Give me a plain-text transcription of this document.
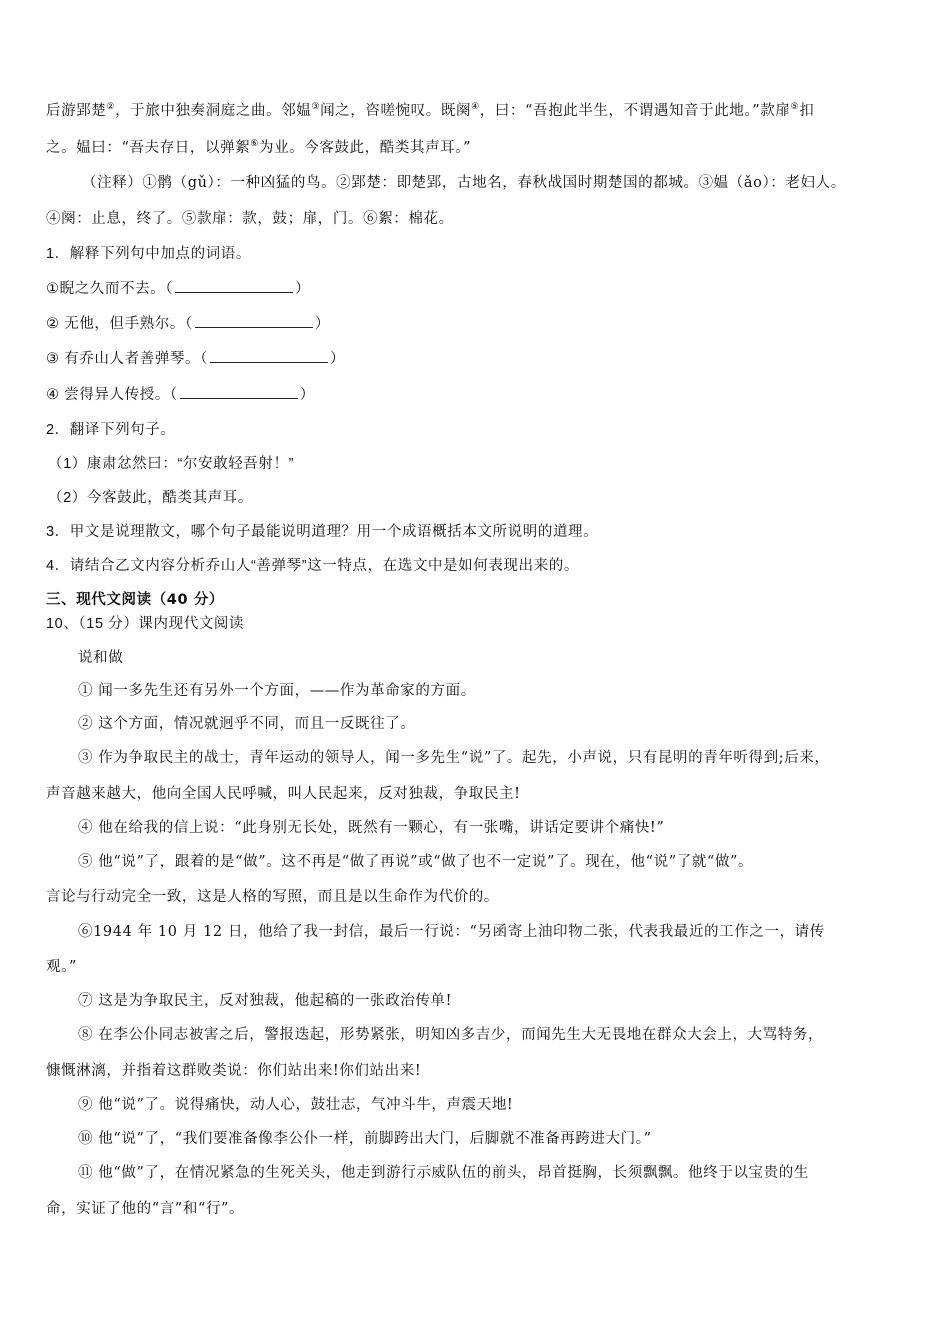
后游郢楚②，于旅中独奏洞庭之曲。邻媪③闻之，咨嗟惋叹。既阕④，曰：“吾抱此半生，不谓遇知音于此地。”款扉⑤扣
之。媪曰：“吾夫存日，以弹絮⑥为业。今客鼓此，酷类其声耳。”
（注释）①鹘（gǔ）：一种凶猛的鸟。②郢楚：即楚郢，古地名，春秋战国时期楚国的都城。③媪（ǎo）：老妇人。
④阕：止息，终了。⑤款扉：款，鼓；扉，门。⑥絮：棉花。
1．解释下列句中加点的词语。
①睨之久而不去。（	）
② 无他，但手熟尔。（	）
③ 有乔山人者善弹琴。（	）
④ 尝得异人传授。（	）
2．翻译下列句子。
（1）康肃忿然曰：“尔安敢轻吾射！”
（2）今客鼓此，酷类其声耳。
3．甲文是说理散文，哪个句子最能说明道理？用一个成语概括本文所说明的道理。
4．请结合乙文内容分析乔山人“善弹琴”这一特点，在选文中是如何表现出来的。
三、现代文阅读（40 分）
10、（15 分）课内现代文阅读
说和做
① 闻一多先生还有另外一个方面，——作为革命家的方面。
② 这个方面，情况就迥乎不同，而且一反既往了。
③ 作为争取民主的战士，青年运动的领导人，闻一多先生“说”了。起先，小声说，只有昆明的青年听得到;后来，
声音越来越大，他向全国人民呼喊，叫人民起来，反对独裁，争取民主!
④ 他在给我的信上说：“此身别无长处，既然有一颗心，有一张嘴，讲话定要讲个痛快!”
⑤ 他“说”了，跟着的是“做”。这不再是“做了再说”或“做了也不一定说”了。现在，他“说”了就“做”。
言论与行动完全一致，这是人格的写照，而且是以生命作为代价的。
⑥1944 年 10 月 12 日，他给了我一封信，最后一行说：“另函寄上油印物二张，代表我最近的工作之一，请传
观。”
⑦ 这是为争取民主，反对独裁，他起稿的一张政治传单!
⑧ 在李公仆同志被害之后，警报迭起，形势紧张，明知凶多吉少，而闻先生大无畏地在群众大会上，大骂特务，
慷慨淋漓，并指着这群败类说：你们站出来!你们站出来!
⑨ 他“说”了。说得痛快，动人心，鼓壮志，气冲斗牛，声震天地!
⑩ 他“说”了，“我们要准备像李公仆一样，前脚跨出大门，后脚就不准备再跨进大门。”
⑪ 他“做”了，在情况紧急的生死关头，他走到游行示威队伍的前头，昂首挺胸，长须飘飘。他终于以宝贵的生
命，实证了他的“言”和“行”。
